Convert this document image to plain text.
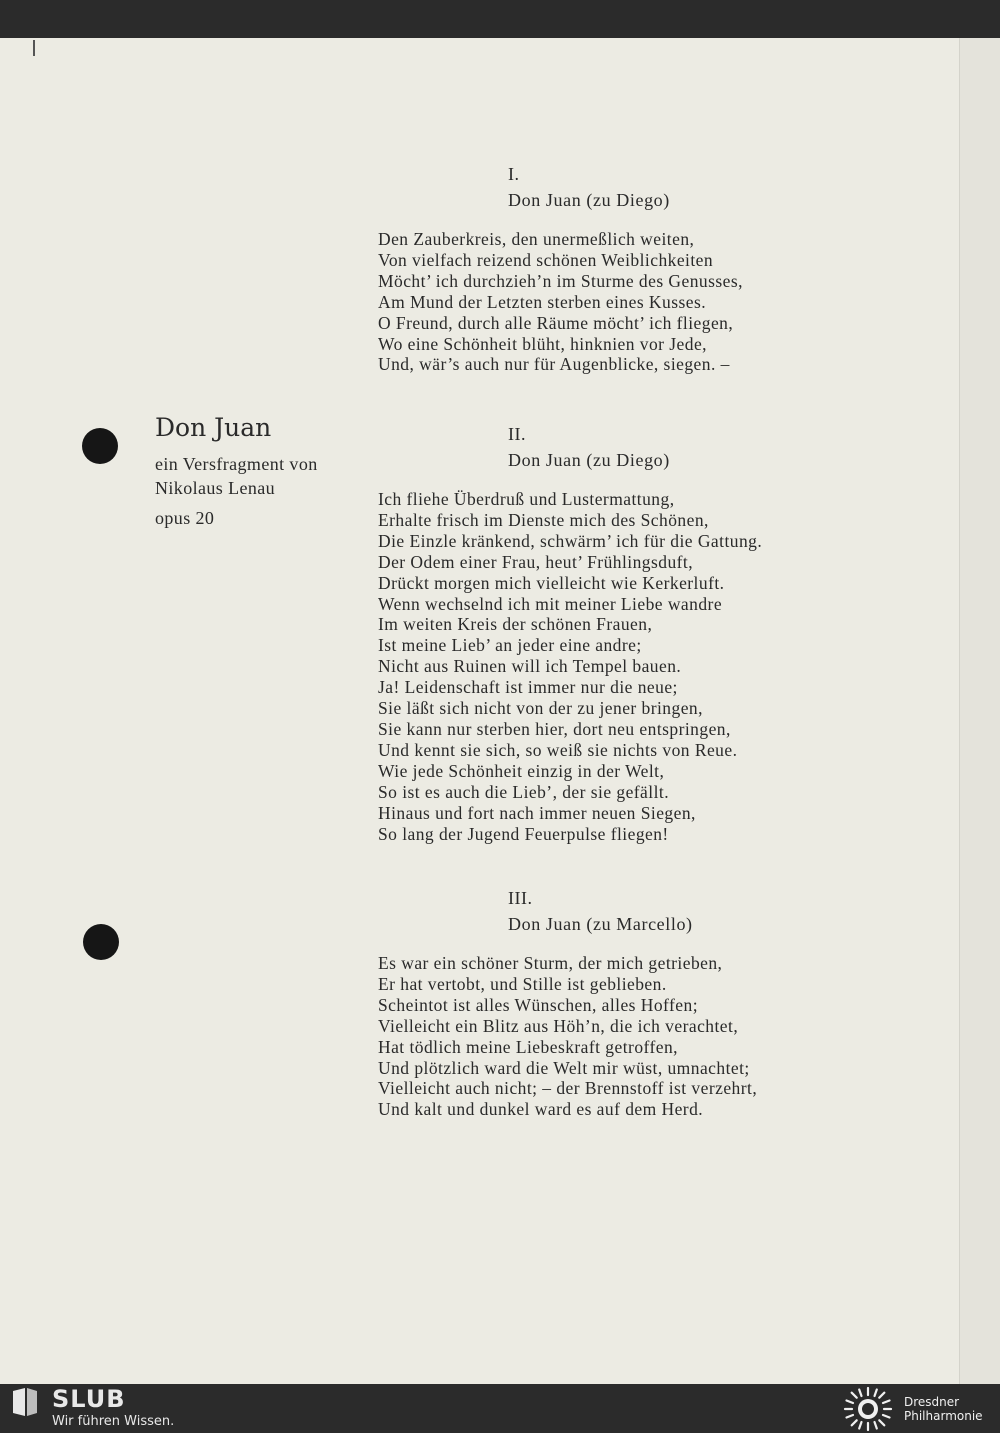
Don Juan
ein Versfragment von
Nikolaus Lenau
opus 20
I.
Don Juan (zu Diego)
Den Zauberkreis, den unermeßlich weiten,
Von vielfach reizend schönen Weiblichkeiten
Möcht’ ich durchzieh’n im Sturme des Genusses,
Am Mund der Letzten sterben eines Kusses.
O Freund, durch alle Räume möcht’ ich fliegen,
Wo eine Schönheit blüht, hinknien vor Jede,
Und, wär’s auch nur für Augenblicke, siegen. –
II.
Don Juan (zu Diego)
Ich fliehe Überdruß und Lustermattung,
Erhalte frisch im Dienste mich des Schönen,
Die Einzle kränkend, schwärm’ ich für die Gattung.
Der Odem einer Frau, heut’ Frühlingsduft,
Drückt morgen mich vielleicht wie Kerkerluft.
Wenn wechselnd ich mit meiner Liebe wandre
Im weiten Kreis der schönen Frauen,
Ist meine Lieb’ an jeder eine andre;
Nicht aus Ruinen will ich Tempel bauen.
Ja! Leidenschaft ist immer nur die neue;
Sie läßt sich nicht von der zu jener bringen,
Sie kann nur sterben hier, dort neu entspringen,
Und kennt sie sich, so weiß sie nichts von Reue.
Wie jede Schönheit einzig in der Welt,
So ist es auch die Lieb’, der sie gefällt.
Hinaus und fort nach immer neuen Siegen,
So lang der Jugend Feuerpulse fliegen!
III.
Don Juan (zu Marcello)
Es war ein schöner Sturm, der mich getrieben,
Er hat vertobt, und Stille ist geblieben.
Scheintot ist alles Wünschen, alles Hoffen;
Vielleicht ein Blitz aus Höh’n, die ich verachtet,
Hat tödlich meine Liebeskraft getroffen,
Und plötzlich ward die Welt mir wüst, umnachtet;
Vielleicht auch nicht; – der Brennstoff ist verzehrt,
Und kalt und dunkel ward es auf dem Herd.
SLUB
Wir führen Wissen.
Dresdner
Philharmonie
